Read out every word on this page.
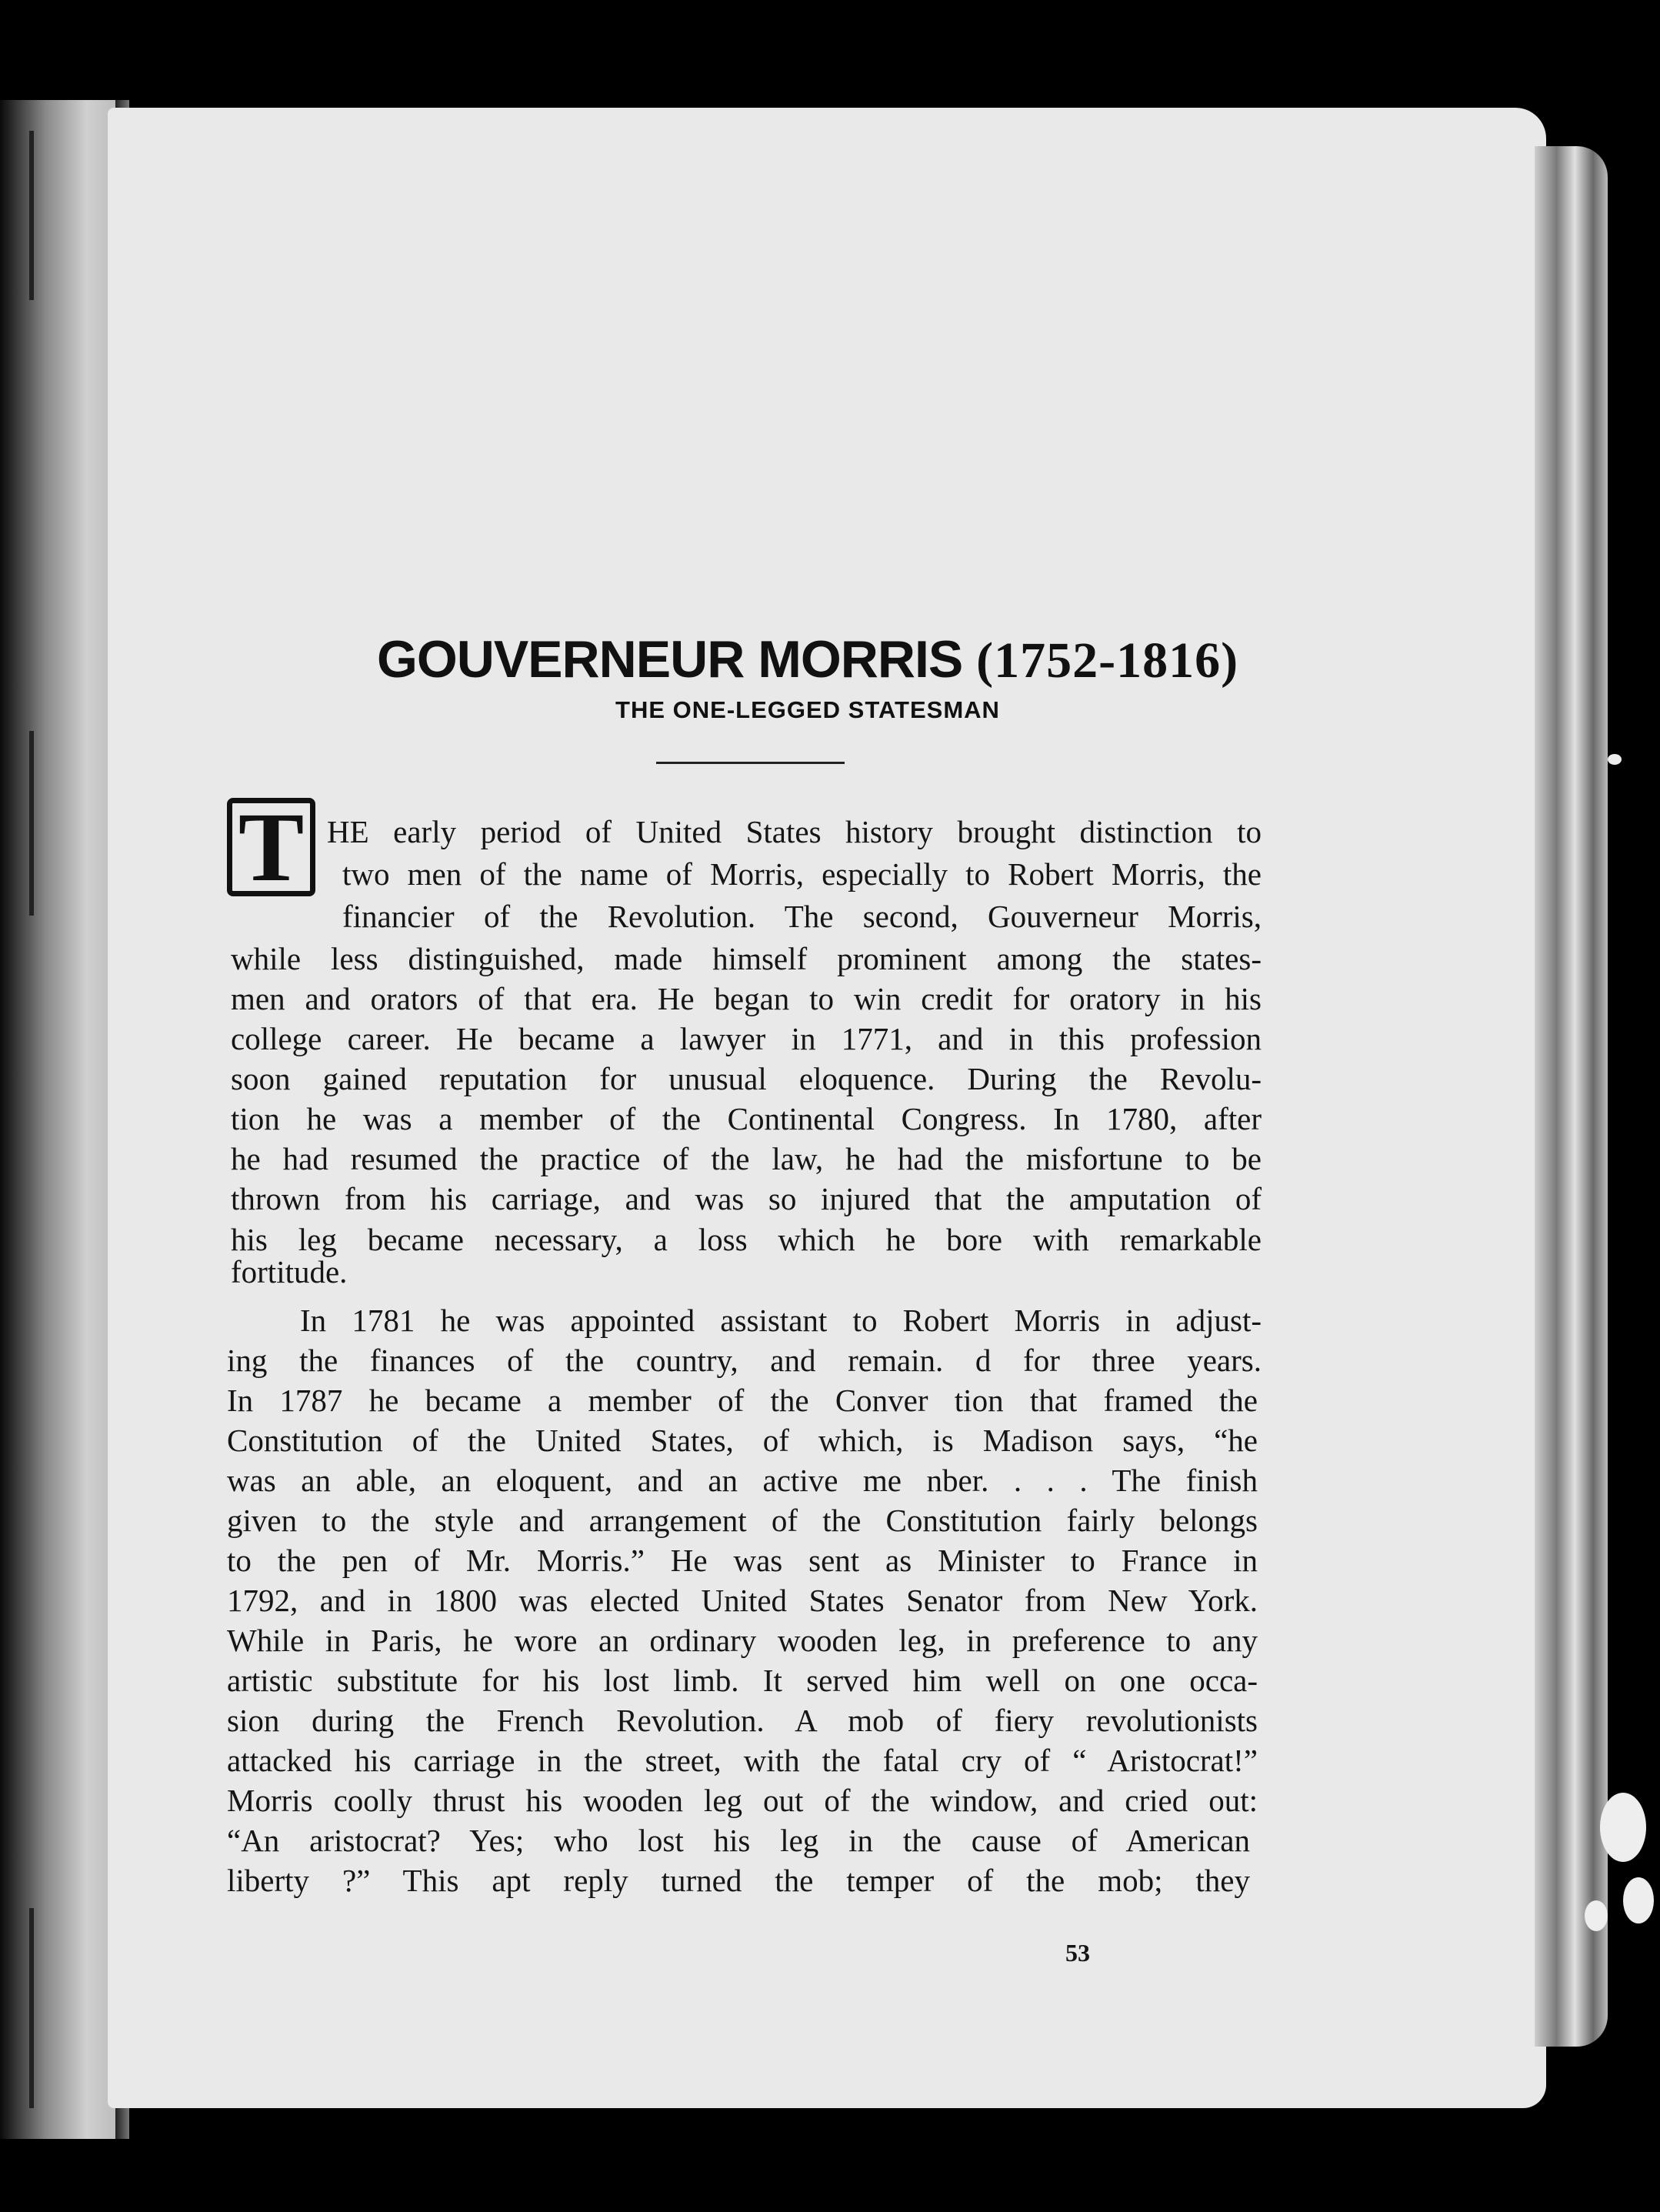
GOUVERNEUR MORRIS (1752-1816)
THE ONE-LEGGED STATESMAN
T HE early period of United States history brought distinction to
two men of the name of Morris, especially to Robert Morris, the
financier of the Revolution. The second, Gouverneur Morris,
while less distinguished, made himself prominent among the states-
men and orators of that era. He began to win credit for oratory in his
college career. He became a lawyer in 1771, and in this profession
soon gained reputation for unusual eloquence. During the Revolu-
tion he was a member of the Continental Congress. In 1780, after
he had resumed the practice of the law, he had the misfortune to be
thrown from his carriage, and was so injured that the amputation of
his leg became necessary, a loss which he bore with remarkable
fortitude.
In 1781 he was appointed assistant to Robert Morris in adjust-
ing the finances of the country, and remain. d for three years.
In 1787 he became a member of the Conver tion that framed the
Constitution of the United States, of which, is Madison says, “he
was an able, an eloquent, and an active me nber. . . . The finish
given to the style and arrangement of the Constitution fairly belongs
to the pen of Mr. Morris.” He was sent as Minister to France in
1792, and in 1800 was elected United States Senator from New York.
While in Paris, he wore an ordinary wooden leg, in preference to any
artistic substitute for his lost limb. It served him well on one occa-
sion during the French Revolution. A mob of fiery revolutionists
attacked his carriage in the street, with the fatal cry of “ Aristocrat!”
Morris coolly thrust his wooden leg out of the window, and cried out:
“An aristocrat? Yes; who lost his leg in the cause of American
liberty ?” This apt reply turned the temper of the mob; they
53
